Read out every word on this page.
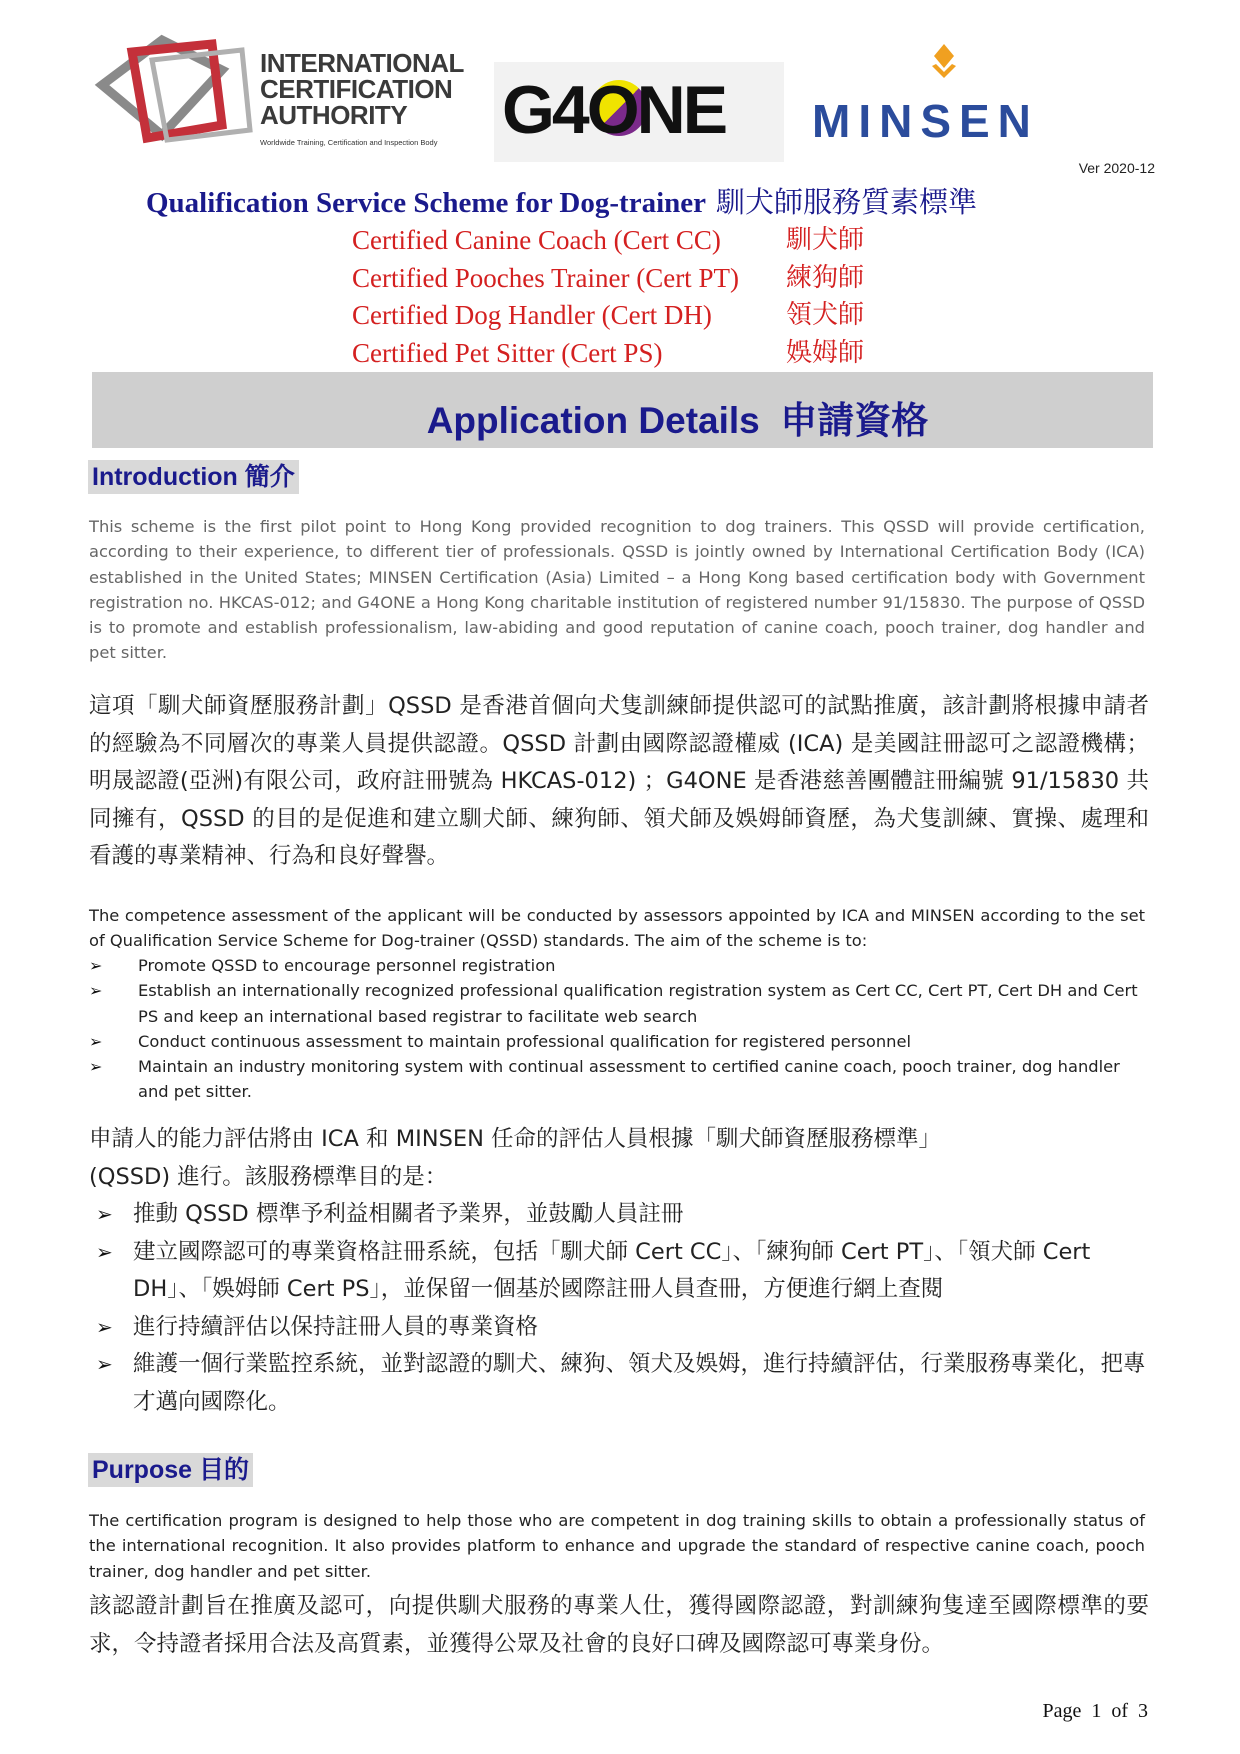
INTERNATIONAL
CERTIFICATION
AUTHORITY
Worldwide Training, Certification and Inspection Body G4ONE MINSEN
Ver 2020-12
Qualification Service Scheme for Dog-trainer 馴犬師服務質素標準
Certified Canine Coach (Cert CC)	馴犬師
Certified Pooches Trainer (Cert PT)	練狗師
Certified Dog Handler (Cert DH)	領犬師
Certified Pet Sitter (Cert PS)	娛姆師
Application Details  申請資格
Introduction 簡介
This scheme is the first pilot point to Hong Kong provided recognition to dog trainers. This QSSD will provide certification, according to their experience, to different tier of professionals. QSSD is jointly owned by International Certification Body (ICA) established in the United States; MINSEN Certification (Asia) Limited – a Hong Kong based certification body with Government registration no. HKCAS-012; and G4ONE a Hong Kong charitable institution of registered number 91/15830. The purpose of QSSD is to promote and establish professionalism, law-abiding and good reputation of canine coach, pooch trainer, dog handler and pet sitter.
這項「馴犬師資歷服務計劃」QSSD 是香港首個向犬隻訓練師提供認可的試點推廣，該計劃將根據申請者的經驗為不同層次的專業人員提供認證。QSSD 計劃由國際認證權威 (ICA) 是美國註冊認可之認證機構；明晟認證(亞洲)有限公司，政府註冊號為 HKCAS-012) ；G4ONE 是香港慈善團體註冊編號 91/15830 共同擁有，QSSD 的目的是促進和建立馴犬師、練狗師、領犬師及娛姆師資歷，為犬隻訓練、實操、處理和看護的專業精神、行為和良好聲譽。
The competence assessment of the applicant will be conducted by assessors appointed by ICA and MINSEN according to the set of Qualification Service Scheme for Dog-trainer (QSSD) standards. The aim of the scheme is to:
➢ Promote QSSD to encourage personnel registration
➢ Establish an internationally recognized professional qualification registration system as Cert CC, Cert PT, Cert DH and Cert PS and keep an international based registrar to facilitate web search
➢ Conduct continuous assessment to maintain professional qualification for registered personnel
➢ Maintain an industry monitoring system with continual assessment to certified canine coach, pooch trainer, dog handler and pet sitter.
申請人的能力評估將由 ICA 和 MINSEN 任命的評估人員根據「馴犬師資歷服務標準」
(QSSD) 進行。該服務標準目的是：
➢ 推動 QSSD 標準予利益相關者予業界，並鼓勵人員註冊
➢ 建立國際認可的專業資格註冊系統，包括「馴犬師 Cert CC」、「練狗師 Cert PT」、「領犬師 Cert DH」、「娛姆師 Cert PS」，並保留一個基於國際註冊人員查冊，方便進行網上查閱
➢ 進行持續評估以保持註冊人員的專業資格
➢ 維護一個行業監控系統，並對認證的馴犬、練狗、領犬及娛姆，進行持續評估，行業服務專業化，把專才邁向國際化。
Purpose 目的
The certification program is designed to help those who are competent in dog training skills to obtain a professionally status of the international recognition. It also provides platform to enhance and upgrade the standard of respective canine coach, pooch trainer, dog handler and pet sitter.
該認證計劃旨在推廣及認可，向提供馴犬服務的專業人仕，獲得國際認證，對訓練狗隻達至國際標準的要求，令持證者採用合法及高質素，並獲得公眾及社會的良好口碑及國際認可專業身份。
Page  1  of  3
